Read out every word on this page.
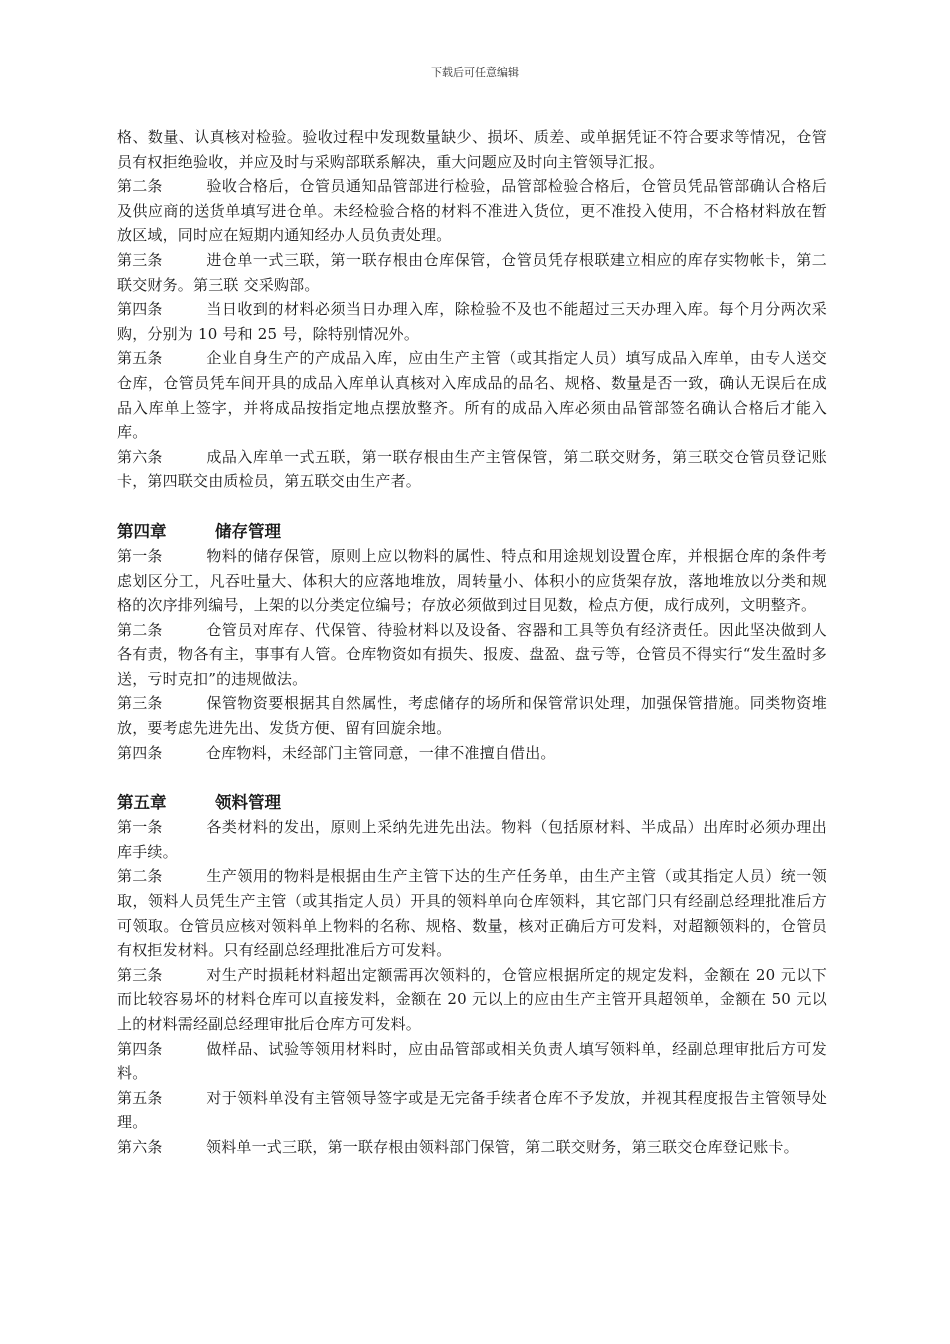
下载后可任意编辑

格、数量、认真核对检验。验收过程中发现数量缺少、损坏、质差、或单据凭证不符合要求等情况，仓管员有权拒绝验收，并应及时与采购部联系解决，重大问题应及时向主管领导汇报。

第二条	验收合格后，仓管员通知品管部进行检验，品管部检验合格后，仓管员凭品管部确认合格后及供应商的送货单填写进仓单。未经检验合格的材料不准进入货位，更不准投入使用，不合格材料放在暂放区域，同时应在短期内通知经办人员负责处理。

第三条	进仓单一式三联，第一联存根由仓库保管，仓管员凭存根联建立相应的库存实物帐卡，第二联交财务。第三联 交采购部。

第四条	当日收到的材料必须当日办理入库，除检验不及也不能超过三天办理入库。每个月分两次采购，分别为 10 号和 25 号，除特别情况外。

第五条	企业自身生产的产成品入库，应由生产主管（或其指定人员）填写成品入库单，由专人送交仓库，仓管员凭车间开具的成品入库单认真核对入库成品的品名、规格、数量是否一致，确认无误后在成品入库单上签字，并将成品按指定地点摆放整齐。所有的成品入库必须由品管部签名确认合格后才能入库。

第六条	成品入库单一式五联，第一联存根由生产主管保管，第二联交财务，第三联交仓管员登记账卡，第四联交由质检员，第五联交由生产者。

第四章	储存管理

第一条	物料的储存保管，原则上应以物料的属性、特点和用途规划设置仓库，并根据仓库的条件考虑划区分工，凡吞吐量大、体积大的应落地堆放，周转量小、体积小的应货架存放，落地堆放以分类和规格的次序排列编号，上架的以分类定位编号；存放必须做到过目见数，检点方便，成行成列，文明整齐。

第二条	仓管员对库存、代保管、待验材料以及设备、容器和工具等负有经济责任。因此坚决做到人各有责，物各有主，事事有人管。仓库物资如有损失、报废、盘盈、盘亏等，仓管员不得实行“发生盈时多送，亏时克扣”的违规做法。

第三条	保管物资要根据其自然属性，考虑储存的场所和保管常识处理，加强保管措施。同类物资堆放，要考虑先进先出、发货方便、留有回旋余地。

第四条	仓库物料，未经部门主管同意，一律不准擅自借出。

第五章	领料管理

第一条	各类材料的发出，原则上采纳先进先出法。物料（包括原材料、半成品）出库时必须办理出库手续。

第二条	生产领用的物料是根据由生产主管下达的生产任务单，由生产主管（或其指定人员）统一领取，领料人员凭生产主管（或其指定人员）开具的领料单向仓库领料，其它部门只有经副总经理批准后方可领取。仓管员应核对领料单上物料的名称、规格、数量，核对正确后方可发料，对超额领料的，仓管员有权拒发材料。只有经副总经理批准后方可发料。

第三条	对生产时损耗材料超出定额需再次领料的，仓管应根据所定的规定发料，金额在 20 元以下而比较容易坏的材料仓库可以直接发料，金额在 20 元以上的应由生产主管开具超领单，金额在 50 元以上的材料需经副总经理审批后仓库方可发料。

第四条	做样品、试验等领用材料时，应由品管部或相关负责人填写领料单，经副总理审批后方可发料。

第五条	对于领料单没有主管领导签字或是无完备手续者仓库不予发放，并视其程度报告主管领导处理。

第六条	领料单一式三联，第一联存根由领料部门保管，第二联交财务，第三联交仓库登记账卡。
